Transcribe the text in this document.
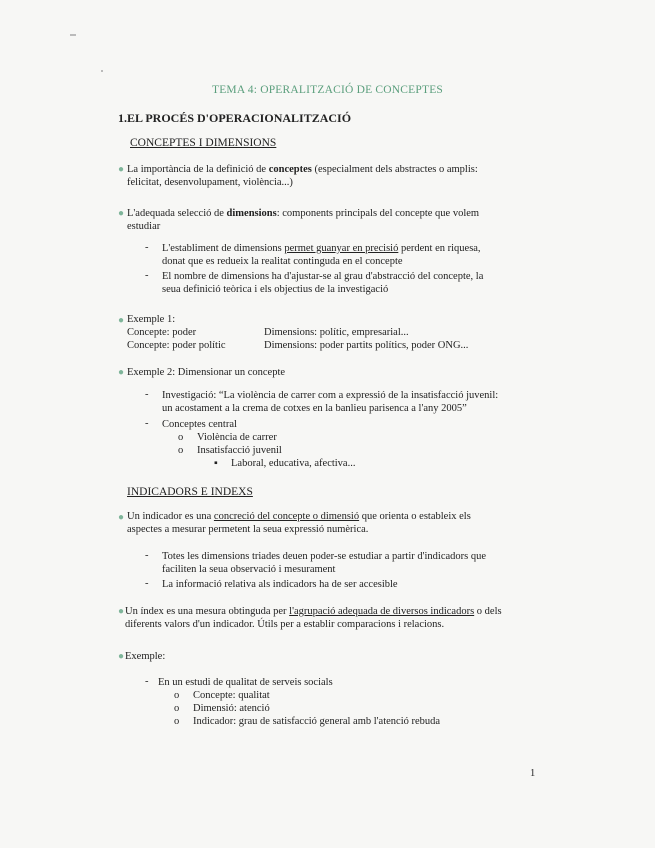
TEMA 4: OPERALITZACIÓ DE CONCEPTES
1.EL PROCÉS D'OPERACIONALITZACIÓ
CONCEPTES I DIMENSIONS
● La importància de la definició de conceptes (especialment dels abstractes o amplis:
felicitat, desenvolupament, violència...)
● L'adequada selecció de dimensions: components principals del concepte que volem
estudiar
- L'establiment de dimensions permet guanyar en precisió perdent en riquesa,
donat que es redueix la realitat continguda en el concepte
- El nombre de dimensions ha d'ajustar-se al grau d'abstracció del concepte, la
seua definició teòrica i els objectius de la investigació
● Exemple 1:
Concepte: poder	Dimensions: polític, empresarial...
Concepte: poder polític	Dimensions: poder partits polítics, poder ONG...
● Exemple 2: Dimensionar un concepte
- Investigació: “La violència de carrer com a expressió de la insatisfacció juvenil:
un acostament a la crema de cotxes en la banlieu parisenca a l'any 2005”
- Conceptes central
o Violència de carrer
o Insatisfacció juvenil
▪ Laboral, educativa, afectiva...
INDICADORS E INDEXS
● Un indicador es una concreció del concepte o dimensió que orienta o estableix els
aspectes a mesurar permetent la seua expressió numèrica.
- Totes les dimensions triades deuen poder-se estudiar a partir d'indicadors que
faciliten la seua observació i mesurament
- La informació relativa als indicadors ha de ser accesible
● Un índex es una mesura obtinguda per l'agrupació adequada de diversos indicadors o dels
diferents valors d'un indicador. Útils per a establir comparacions i relacions.
● Exemple:
- En un estudi de qualitat de serveis socials
o Concepte: qualitat
o Dimensió: atenció
o Indicador: grau de satisfacció general amb l'atenció rebuda
1
